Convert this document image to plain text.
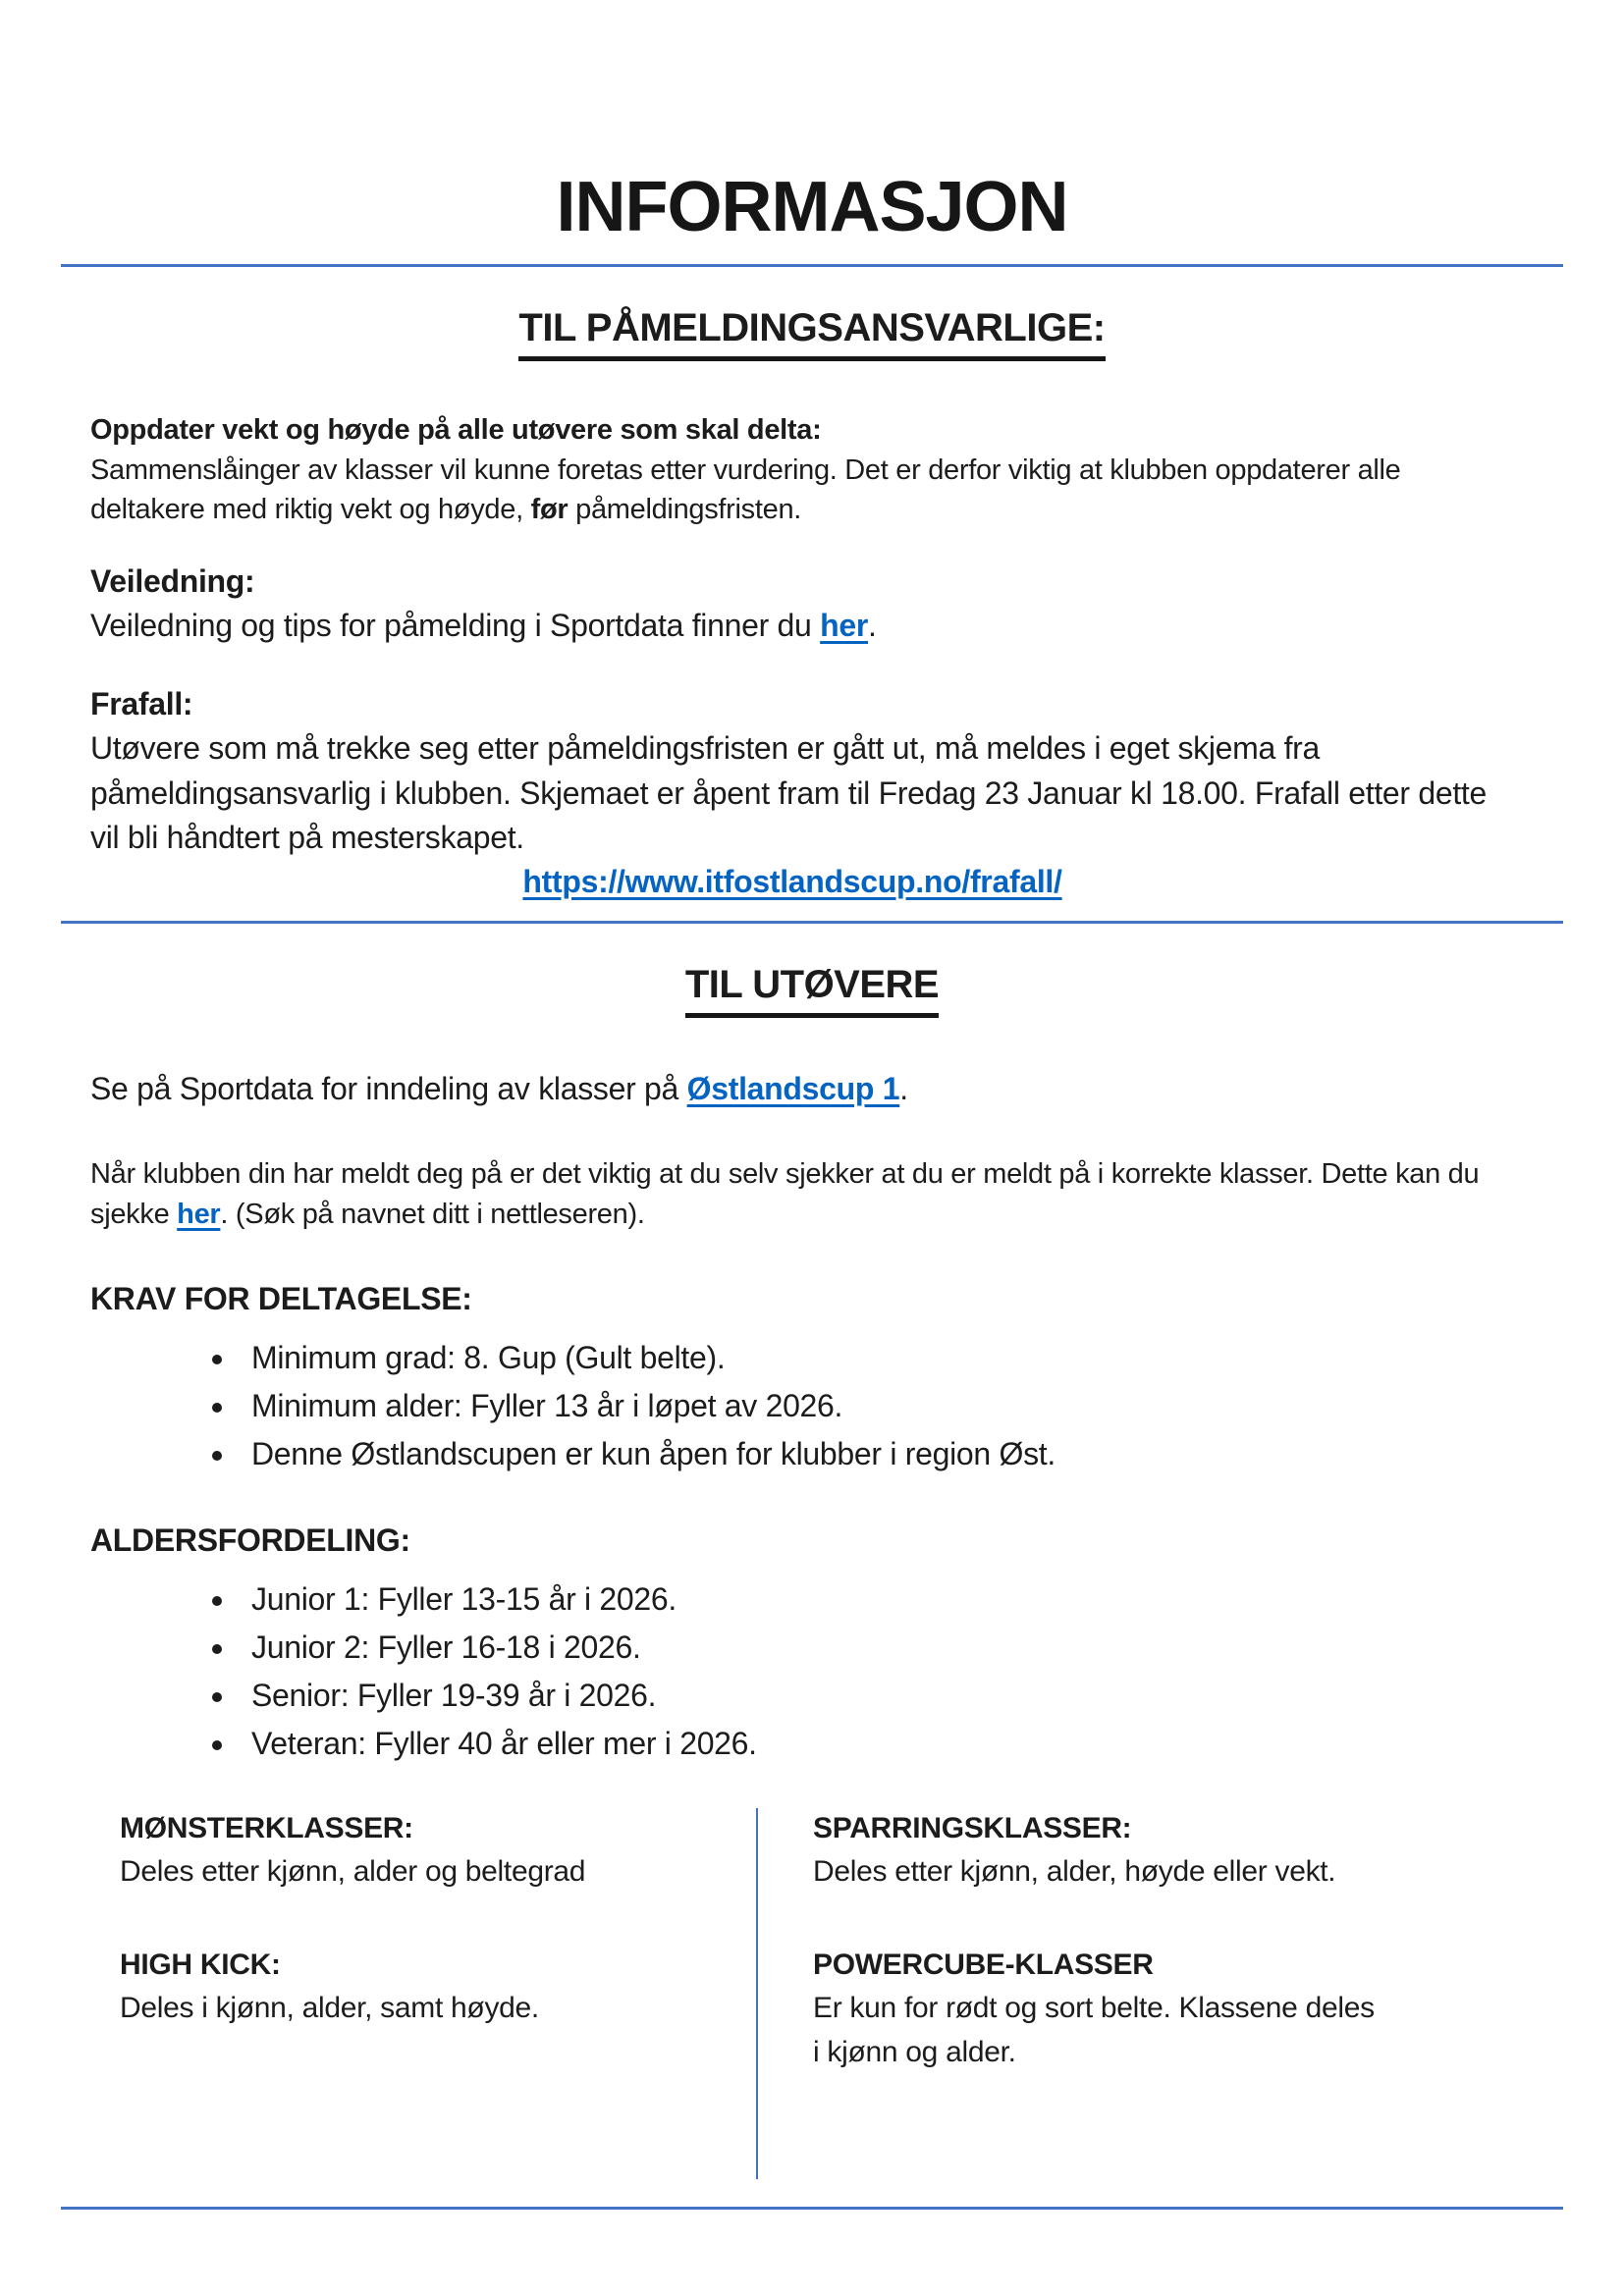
INFORMASJON
TIL PÅMELDINGSANSVARLIGE:

Oppdater vekt og høyde på alle utøvere som skal delta:

Sammenslåinger av klasser vil kunne foretas etter vurdering. Det er derfor viktig at klubben oppdaterer alle deltakere med riktig vekt og høyde, før påmeldingsfristen.

Veiledning:

Veiledning og tips for påmelding i Sportdata finner du her.

Frafall:

Utøvere som må trekke seg etter påmeldingsfristen er gått ut, må meldes i eget skjema fra påmeldingsansvarlig i klubben. Skjemaet er åpent fram til Fredag 23 Januar kl 18.00. Frafall etter dette vil bli håndtert på mesterskapet.

https://www.itfostlandscup.no/frafall/

TIL UTØVERE

Se på Sportdata for inndeling av klasser på Østlandscup 1.

Når klubben din har meldt deg på er det viktig at du selv sjekker at du er meldt på i korrekte klasser. Dette kan du sjekke her. (Søk på navnet ditt i nettleseren).

KRAV FOR DELTAGELSE:

• Minimum grad: 8. Gup (Gult belte).
• Minimum alder: Fyller 13 år i løpet av 2026.
• Denne Østlandscupen er kun åpen for klubber i region Øst.

ALDERSFORDELING:

• Junior 1: Fyller 13-15 år i 2026.
• Junior 2: Fyller 16-18 i 2026.
• Senior: Fyller 19-39 år i 2026.
• Veteran: Fyller 40 år eller mer i 2026.
MØNSTERKLASSER:

Deles etter kjønn, alder og beltegrad

HIGH KICK:

Deles i kjønn, alder, samt høyde.

SPARRINGSKLASSER:

Deles etter kjønn, alder, høyde eller vekt.

POWERCUBE-KLASSER

Er kun for rødt og sort belte. Klassene deles i kjønn og alder.
